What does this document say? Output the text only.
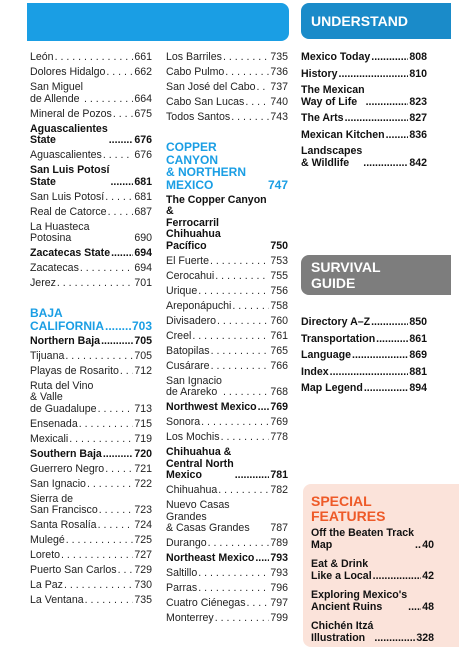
León . . .	661
Dolores Hidalgo . . .	662
San Miguel
de Allende . . .	664
Mineral de Pozos . . . 675
Aguascalientes
State .....	676
Aguascalientes . . .	676
San Luis Potosí
State .....	681
San Luis Potosí . . .	681
Real de Catorce . . .	687
La Huasteca Potosina	690
Zacatecas State ..... 694
Zacatecas . . .	694
Jerez . . .	701
BAJA
CALIFORNIA ..... 703
Northern Baja .....	705
Tijuana . . .	705
Playas de Rosarito . . . 712
Ruta del Vino
& Valle
de Guadalupe . . .	713
Ensenada . . .	715
Mexicali . . .	719
Southern Baja .....	720
Guerrero Negro . . .	721
San Ignacio . . .	722
Sierra de
San Francisco . . .	723
Santa Rosalía . . .	724
Mulegé . . .	725
Loreto . . .	727
Puerto San Carlos . . . 729
La Paz . . .	730
La Ventana . . .	735
Los Barriles . . .	735
Cabo Pulmo . . .	736
San José del Cabo . . . 737
Cabo San Lucas . . . 740
Todos Santos . . .	743
COPPER CANYON
& NORTHERN
MEXICO	747
The Copper Canyon &
Ferrocarril Chihuahua
Pacífico	750
El Fuerte . . .	753
Cerocahui . . .	755
Urique . . .	756
Areponápuchi . . .	758
Divisadero . . .	760
Creel . . .	761
Batopilas . . .	765
Cusárare . . .	766
San Ignacio
de Arareko . . .	768
Northwest Mexico ..... 769
Sonora . . .	769
Los Mochis . . .	778
Chihuahua &
Central North
Mexico .....	781
Chihuahua . . .	782
Nuevo Casas Grandes
& Casas Grandes	787
Durango . . .	789
Northeast Mexico ..... 793
Saltillo . . .	793
Parras . . .	796
Cuatro Ciénegas . . . 797
Monterrey . . .	799
UNDERSTAND
Mexico Today .....	808
History .....	810
The Mexican
Way of Life .....	823
The Arts .....	827
Mexican Kitchen ..... 836
Landscapes
& Wildlife .....	842
SURVIVAL
GUIDE
Directory A–Z .....	850
Transportation .....	861
Language .....	869
Index .....	881
Map Legend .....	894
SPECIAL
FEATURES
Off the Beaten Track
Map .....	40
Eat & Drink
Like a Local .....	42
Exploring Mexico's
Ancient Ruins .....	48
Chichén Itzá
Illustration .....	328
